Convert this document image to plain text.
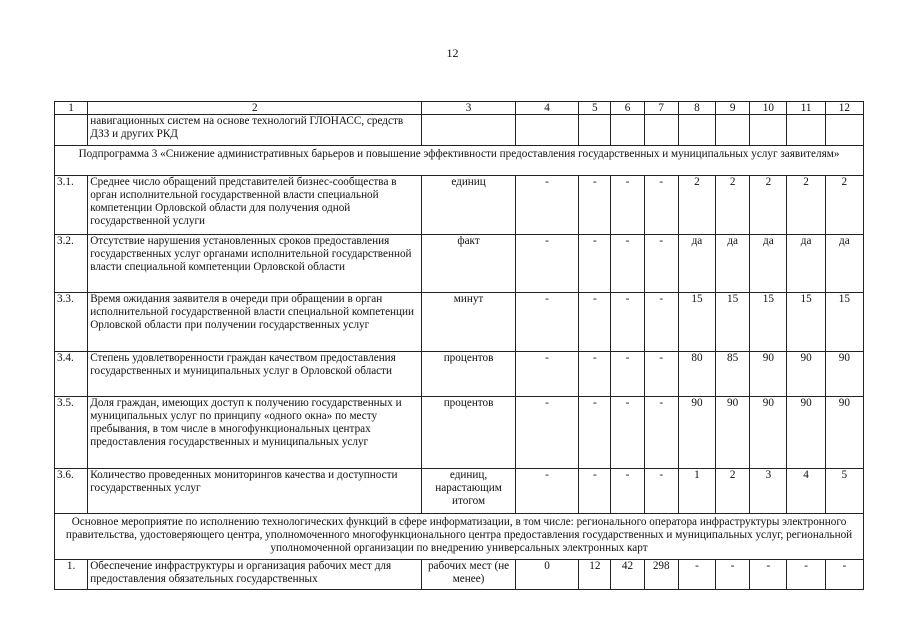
12
1	2	3	4	5	6	7	8	9	10	11	12
	навигационных систем на основе технологий ГЛОНАСС, средств ДЗЗ и других РКД										
Подпрограмма 3 «Снижение административных барьеров и повышение эффективности предоставления государственных и муниципальных услуг заявителям»											
3.1.	Среднее число обращений представителей бизнес-сообщества в орган исполнительной государственной власти специальной компетенции Орловской области для получения одной государственной услуги	единиц	-	-	-	-	2	2	2	2	2
3.2.	Отсутствие нарушения установленных сроков предоставления государственных услуг органами исполнительной государственной власти специальной компетенции Орловской области	факт	-	-	-	-	да	да	да	да	да
3.3.	Время ожидания заявителя в очереди при обращении в орган исполнительной государственной власти специальной компетенции Орловской области при получении государственных услуг	минут	-	-	-	-	15	15	15	15	15
3.4.	Степень удовлетворенности граждан качеством предоставления государственных и муниципальных услуг в Орловской области	процентов	-	-	-	-	80	85	90	90	90
3.5.	Доля граждан, имеющих доступ к получению государственных и муниципальных услуг по принципу «одного окна» по месту пребывания, в том числе в многофункциональных центрах предоставления государственных и муниципальных услуг	процентов	-	-	-	-	90	90	90	90	90
3.6.	Количество проведенных мониторингов качества и доступности государственных услуг	единиц, нарастающим итогом	-	-	-	-	1	2	3	4	5
Основное мероприятие по исполнению технологических функций в сфере информатизации, в том числе: регионального оператора инфраструктуры электронного правительства, удостоверяющего центра, уполномоченного многофункционального центра предоставления государственных и муниципальных услуг, региональной уполномоченной организации по внедрению универсальных электронных карт											
1.	Обеспечение инфраструктуры и организация рабочих мест для предоставления обязательных государственных	рабочих мест (не менее)	0	12	42	298	-	-	-	-	-
